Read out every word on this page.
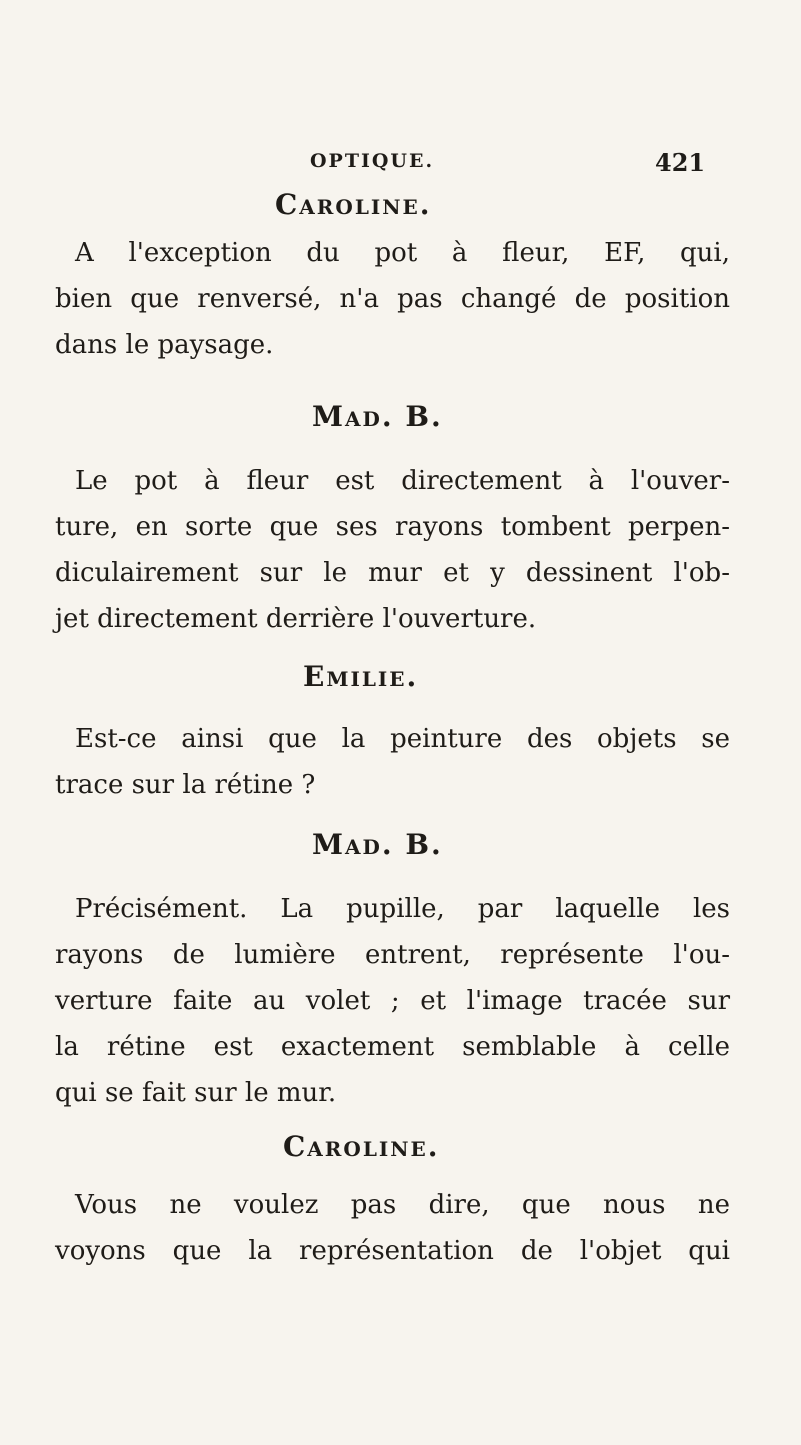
OPTIQUE.	421
Caroline.
A l'exception du pot à fleur, EF, qui,
bien que renversé, n'a pas changé de position
dans le paysage.
Mad. B.
Le pot à fleur est directement à l'ouver-
ture, en sorte que ses rayons tombent perpen-
diculairement sur le mur et y dessinent l'ob-
jet directement derrière l'ouverture.
Emilie.
Est-ce ainsi que la peinture des objets se
trace sur la rétine ?
Mad. B.
Précisément. La pupille, par laquelle les
rayons de lumière entrent, représente l'ou-
verture faite au volet ; et l'image tracée sur
la rétine est exactement semblable à celle
qui se fait sur le mur.
Caroline.
Vous ne voulez pas dire, que nous ne
voyons que la représentation de l'objet qui
